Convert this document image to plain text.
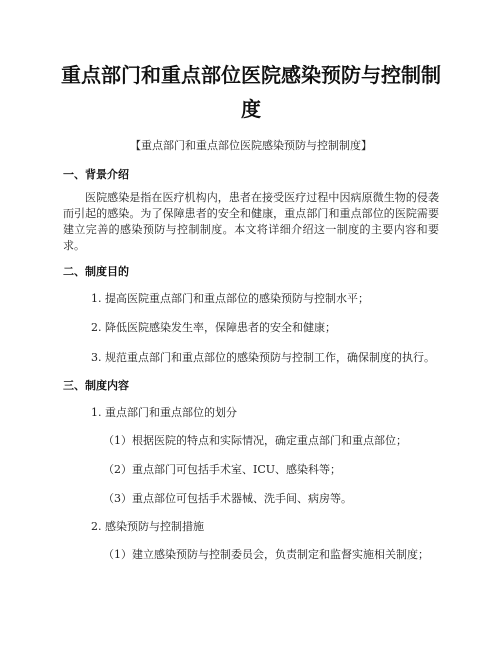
重点部门和重点部位医院感染预防与控制制
度
【重点部门和重点部位医院感染预防与控制制度】
一、背景介绍
医院感染是指在医疗机构内，患者在接受医疗过程中因病原微生物的侵袭而引起的感染。为了保障患者的安全和健康，重点部门和重点部位的医院需要建立完善的感染预防与控制制度。本文将详细介绍这一制度的主要内容和要求。
二、制度目的
1. 提高医院重点部门和重点部位的感染预防与控制水平；
2. 降低医院感染发生率，保障患者的安全和健康；
3. 规范重点部门和重点部位的感染预防与控制工作，确保制度的执行。
三、制度内容
1. 重点部门和重点部位的划分
（1）根据医院的特点和实际情况，确定重点部门和重点部位；
（2）重点部门可包括手术室、ICU、感染科等；
（3）重点部位可包括手术器械、洗手间、病房等。
2. 感染预防与控制措施
（1）建立感染预防与控制委员会，负责制定和监督实施相关制度；
